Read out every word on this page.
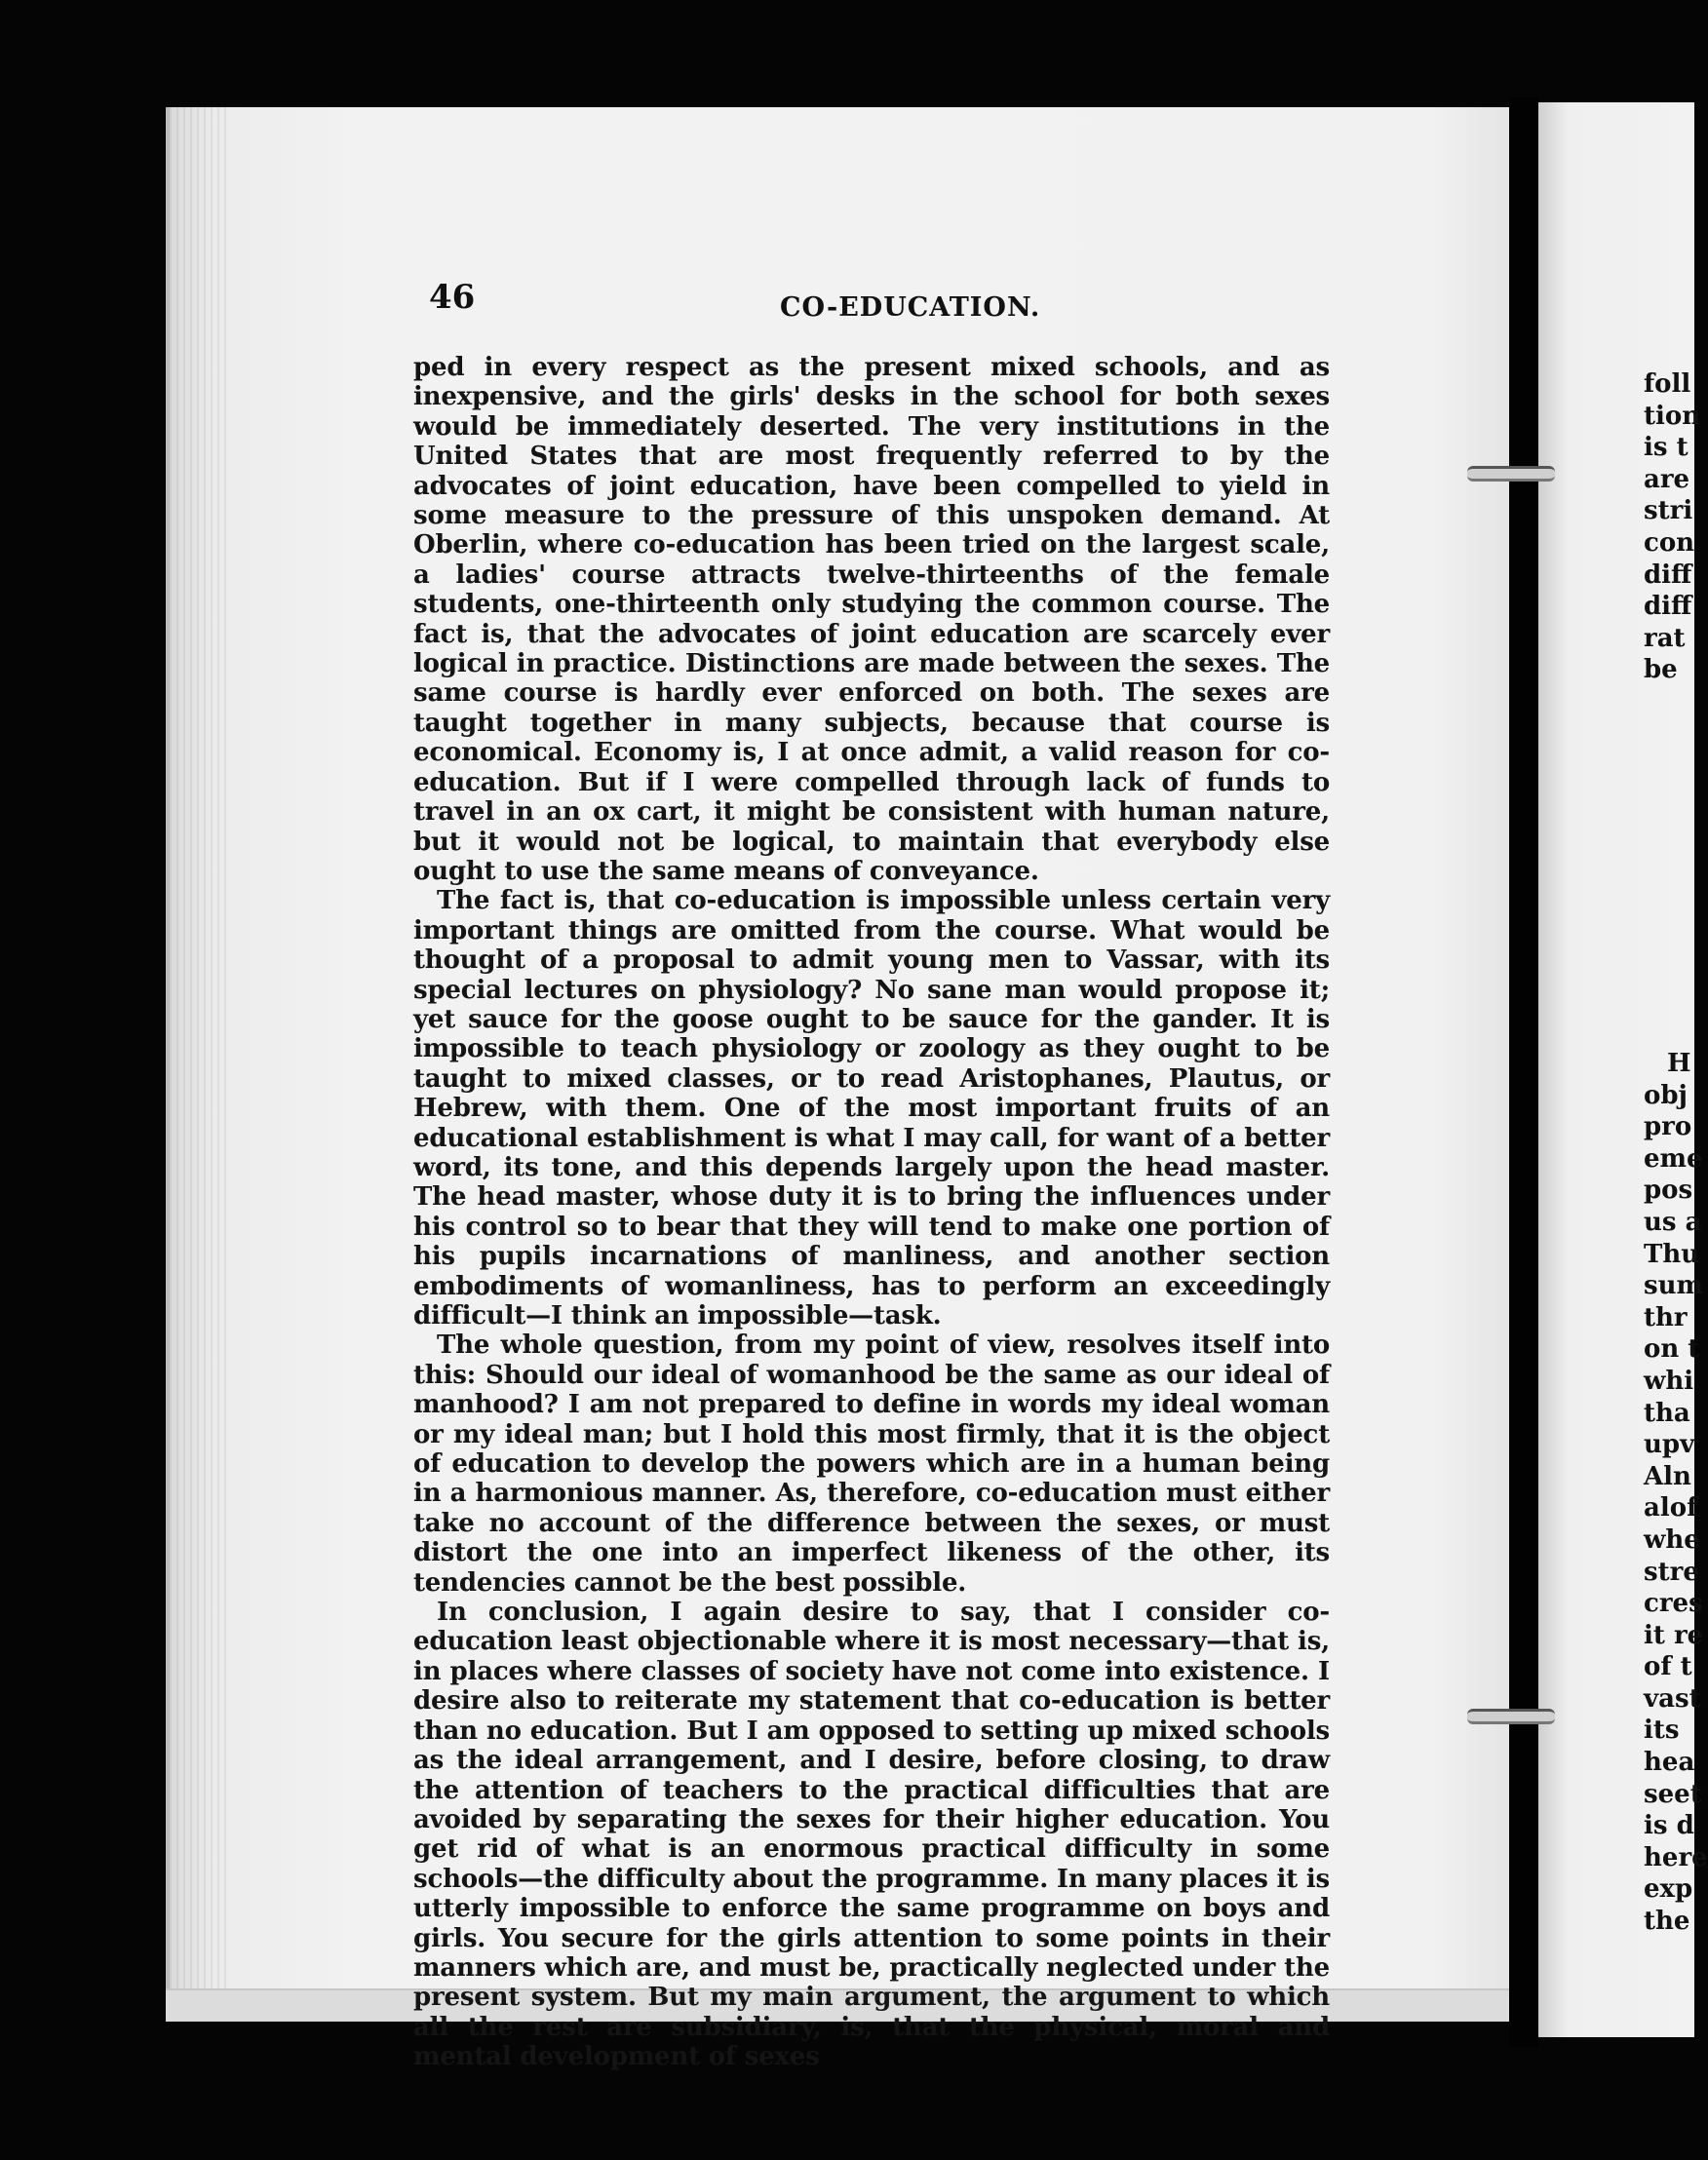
46	CO-EDUCATION.

ped in every respect as the present mixed schools, and as inexpensive, and the girls' desks in the school for both sexes would be immediately deserted. The very institutions in the United States that are most frequently referred to by the advocates of joint education, have been compelled to yield in some measure to the pressure of this unspoken demand. At Oberlin, where co-education has been tried on the largest scale, a ladies' course attracts twelve-thirteenths of the female students, one-thirteenth only studying the common course. The fact is, that the advocates of joint education are scarcely ever logical in practice. Distinctions are made between the sexes. The same course is hardly ever enforced on both. The sexes are taught together in many subjects, because that course is economical. Economy is, I at once admit, a valid reason for co-education. But if I were compelled through lack of funds to travel in an ox cart, it might be consistent with human nature, but it would not be logical, to maintain that everybody else ought to use the same means of conveyance.

The fact is, that co-education is impossible unless certain very important things are omitted from the course. What would be thought of a proposal to admit young men to Vassar, with its special lectures on physiology? No sane man would propose it; yet sauce for the goose ought to be sauce for the gander. It is impossible to teach physiology or zoology as they ought to be taught to mixed classes, or to read Aristophanes, Plautus, or Hebrew, with them. One of the most important fruits of an educational establishment is what I may call, for want of a better word, its tone, and this depends largely upon the head master. The head master, whose duty it is to bring the influences under his control so to bear that they will tend to make one portion of his pupils incarnations of manliness, and another section embodiments of womanliness, has to perform an exceedingly difficult—I think an impossible—task.

The whole question, from my point of view, resolves itself into this: Should our ideal of womanhood be the same as our ideal of manhood? I am not prepared to define in words my ideal woman or my ideal man; but I hold this most firmly, that it is the object of education to develop the powers which are in a human being in a harmonious manner. As, therefore, co-education must either take no account of the difference between the sexes, or must distort the one into an imperfect likeness of the other, its tendencies cannot be the best possible.

In conclusion, I again desire to say, that I consider co-education least objectionable where it is most necessary—that is, in places where classes of society have not come into existence. I desire also to reiterate my statement that co-education is better than no education. But I am opposed to setting up mixed schools as the ideal arrangement, and I desire, before closing, to draw the attention of teachers to the practical difficulties that are avoided by separating the sexes for their higher education. You get rid of what is an enormous practical difficulty in some schools—the difficulty about the programme. In many places it is utterly impossible to enforce the same programme on boys and girls. You secure for the girls attention to some points in their manners which are, and must be, practically neglected under the present system. But my main argument, the argument to which all the rest are subsidiary, is, that the physical, moral and mental development of sexes

foll
tion
is t
are
stri
con
diff
diff
rat
be
H
obj
pro
eme
pos
us a
Thu
sum
thr
on t
whi
tha
upv
Aln
alof
whe
stre
cres
it re
of t
vast
its
hea
seet
is d
here
exp
the
